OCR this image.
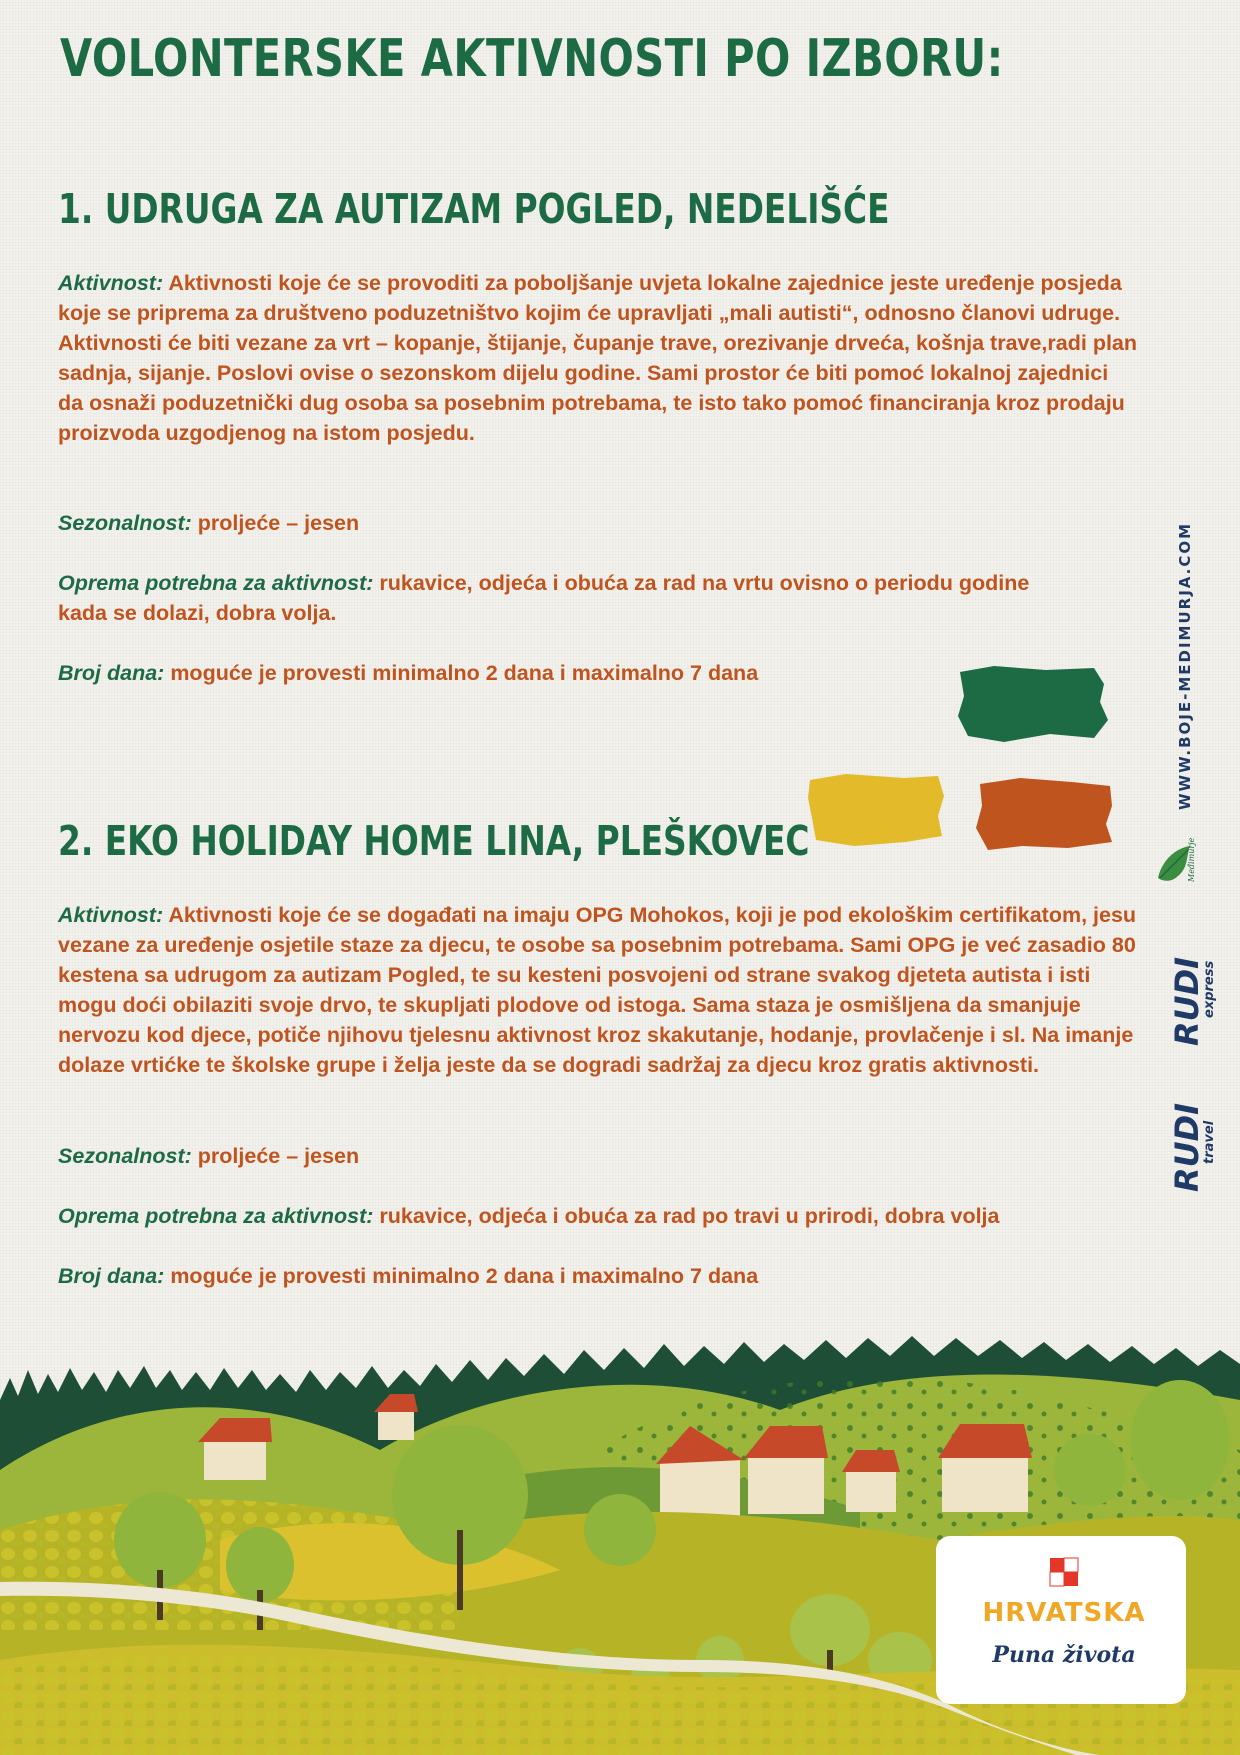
VOLONTERSKE AKTIVNOSTI PO IZBORU:
1. UDRUGA ZA AUTIZAM POGLED, NEDELIŠĆE

Aktivnost: Aktivnosti koje će se provoditi za poboljšanje uvjeta lokalne zajednice jeste uređenje posjeda koje se priprema za društveno poduzetništvo kojim će upravljati „mali autisti“, odnosno članovi udruge. Aktivnosti će biti vezane za vrt – kopanje, štijanje, čupanje trave, orezivanje drveća, košnja trave,radi plan sadnja, sijanje. Poslovi ovise o sezonskom dijelu godine. Sami prostor će biti pomoć lokalnoj zajednici da osnaži poduzetnički dug osoba sa posebnim potrebama, te isto tako pomoć financiranja kroz prodaju proizvoda uzgodjenog na istom posjedu.

Sezonalnost: proljeće – jesen

Oprema potrebna za aktivnost: rukavice, odjeća i obuća za rad na vrtu ovisno o periodu godine kada se dolazi, dobra volja.

Broj dana: moguće je provesti minimalno 2 dana i maximalno 7 dana

2. EKO HOLIDAY HOME LINA, PLEŠKOVEC

Aktivnost: Aktivnosti koje će se događati na imaju OPG Mohokos, koji je pod ekološkim certifikatom, jesu vezane za uređenje osjetile staze za djecu, te osobe sa posebnim potrebama. Sami OPG je već zasadio 80 kestena sa udrugom za autizam Pogled, te su kesteni posvojeni od strane svakog djeteta autista i isti mogu doći obilaziti svoje drvo, te skupljati plodove od istoga. Sama staza je osmišljena da smanjuje nervozu kod djece, potiče njihovu tjelesnu aktivnost kroz skakutanje, hodanje, provlačenje i sl. Na imanje dolaze vrtićke te školske grupe i želja jeste da se dogradi sadržaj za djecu kroz gratis aktivnosti.

Sezonalnost: proljeće – jesen

Oprema potrebna za aktivnost: rukavice, odjeća i obuća za rad po travi u prirodi, dobra volja

Broj dana: moguće je provesti minimalno 2 dana i maximalno 7 dana

WWW.BOJE-MEDIMURJA.COM
Međimurje
RUDI
express
RUDI
travel
HRVATSKA
Puna života
